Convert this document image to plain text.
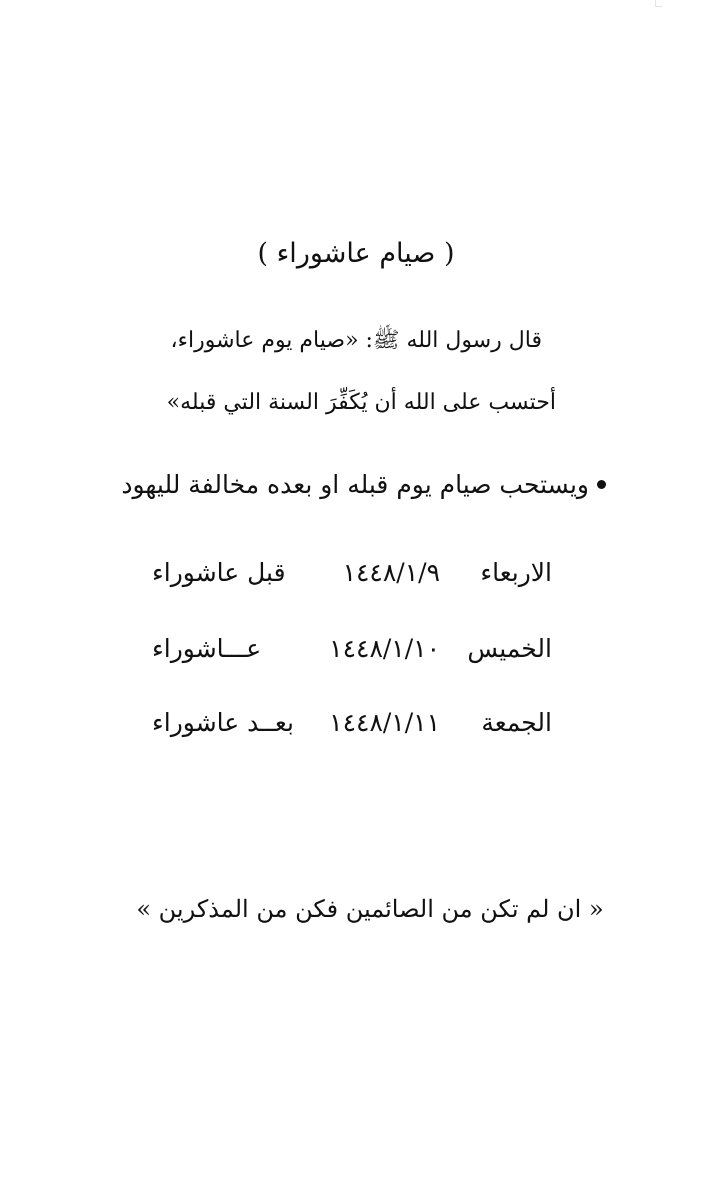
( صيام عاشوراء )
قال رسول الله ﷺ: «صيام يوم عاشوراء،
أحتسب على الله أن يُكَفِّرَ السنة التي قبله»
ويستحب صيام يوم قبله او بعده مخالفة لليهود
الاربعاء
١٤٤٨/١/٩
قبل عاشوراء
الخميس
١٤٤٨/١/١٠
عـــاشوراء
الجمعة
١٤٤٨/١/١١
بعــد عاشوراء
« ان لم تكن من الصائمين فكن من المذكرين »
